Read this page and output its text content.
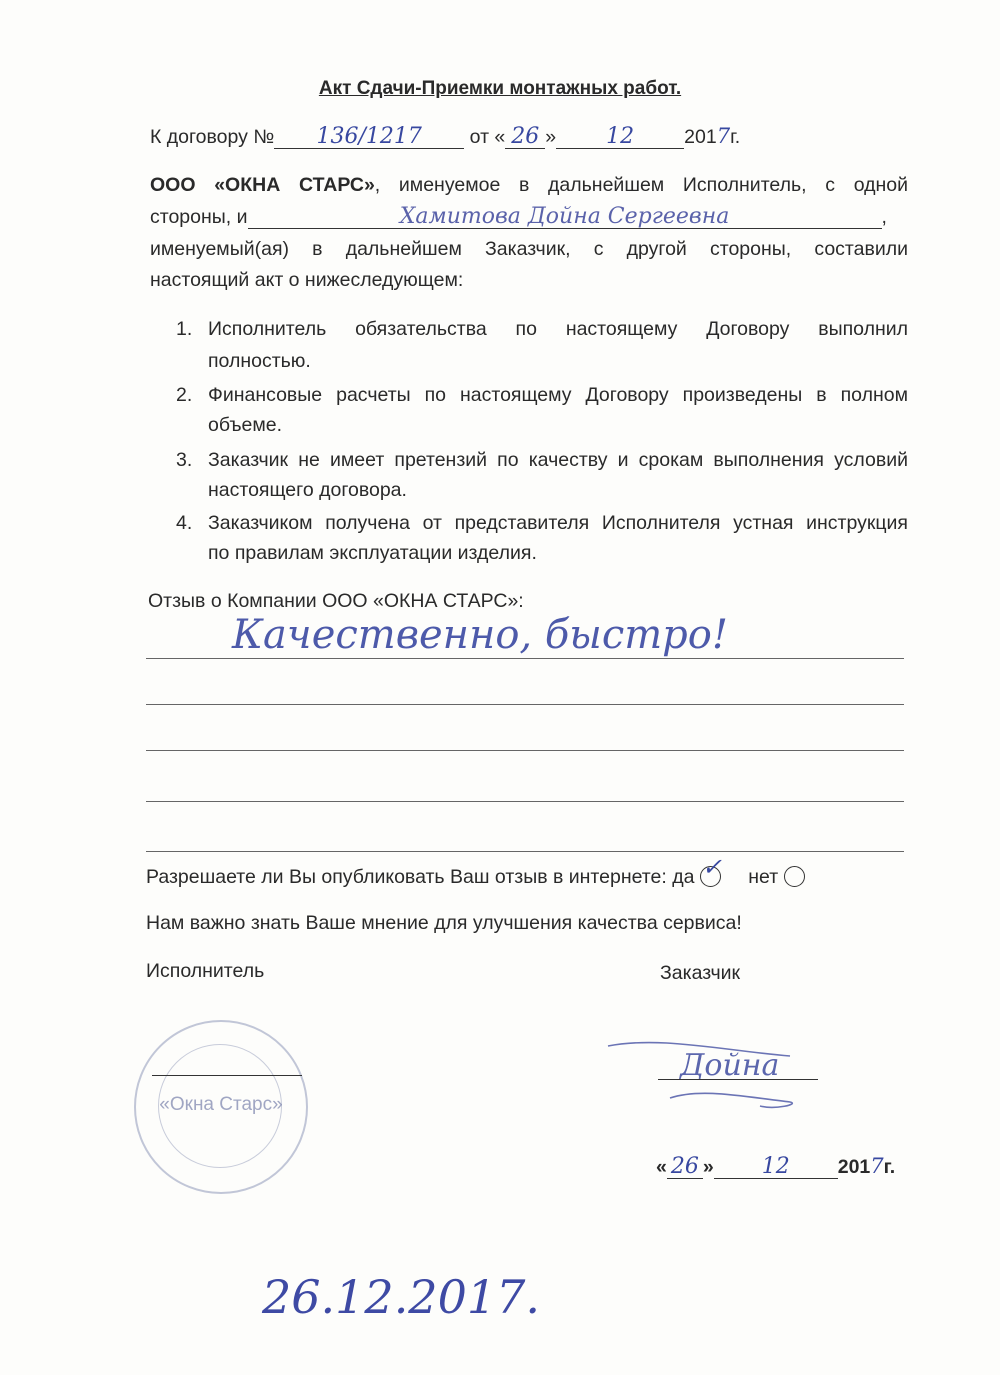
Акт Сдачи-Приемки монтажных работ.
К договору № 136/1217 от « 26 » 12	2017г.
ООО «ОКНА СТАРС», именуемое в дальнейшем Исполнитель, с одной
стороны, и	Хамитова Дойна Сергеевна	,
именуемый(ая) в дальнейшем Заказчик, с другой стороны, составили
настоящий акт о нижеследующем:
1. Исполнитель обязательства по настоящему Договору выполнил
полностью.
2. Финансовые расчеты по настоящему Договору произведены в полном
объеме.
3. Заказчик не имеет претензий по качеству и срокам выполнения условий
настоящего договора.
4. Заказчиком получена от представителя Исполнителя устная инструкция
по правилам эксплуатации изделия.
Отзыв о Компании ООО «ОКНА СТАРС»:
Качественно, быстро!
Разрешаете ли Вы опубликовать Ваш отзыв в интернете: да ✓ нет
Нам важно знать Ваше мнение для улучшения качества сервиса!
Исполнитель	Заказчик
«Окна Старс»
Дойна
« 26 » 12 2017г.
26.12.2017.
